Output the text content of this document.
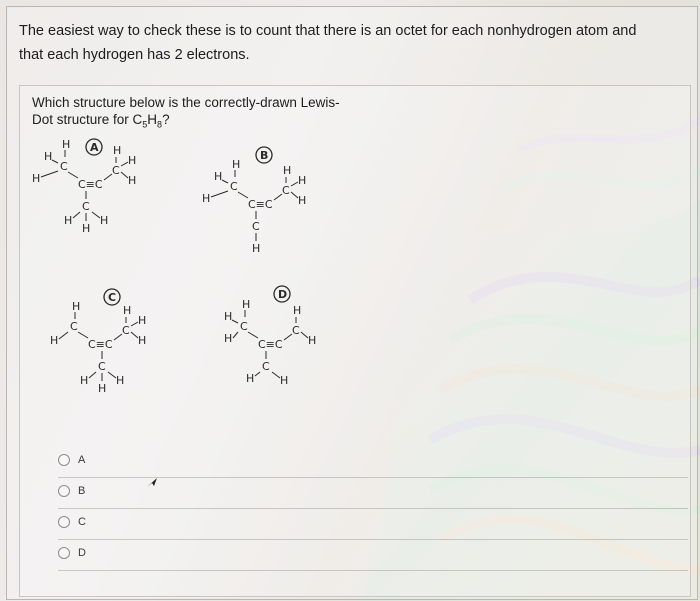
The easiest way to check these is to count that there is an octet for each nonhydrogen atom and
that each hydrogen has 2 electrons.
Which structure below is the correctly-drawn Lewis-
Dot structure for $C_5H_8$?
H
H
C
H	C≡C
C
H
H
H
C
H
H
H
A
H
H
C
H	C≡C
C
H
H
H
C
H
B
H
C
H	C≡C
C
H
H
H
C
H
H
H
C
H
H
C
H C≡C
C
H
H
C
H H
D
A
B
C
D
